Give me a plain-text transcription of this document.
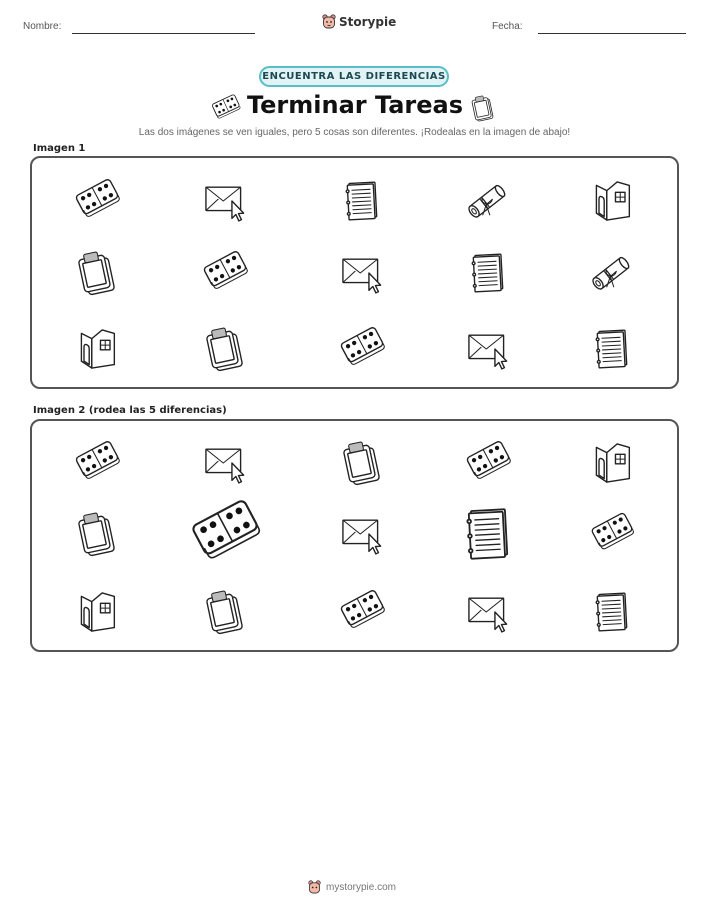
Nombre:	Storypie	Fecha:
ENCUENTRA LAS DIFERENCIAS
Terminar Tareas
Las dos imágenes se ven iguales, pero 5 cosas son diferentes. ¡Rodealas en la imagen de abajo!
Imagen 1
Imagen 2 (rodea las 5 diferencias)
mystorypie.com
